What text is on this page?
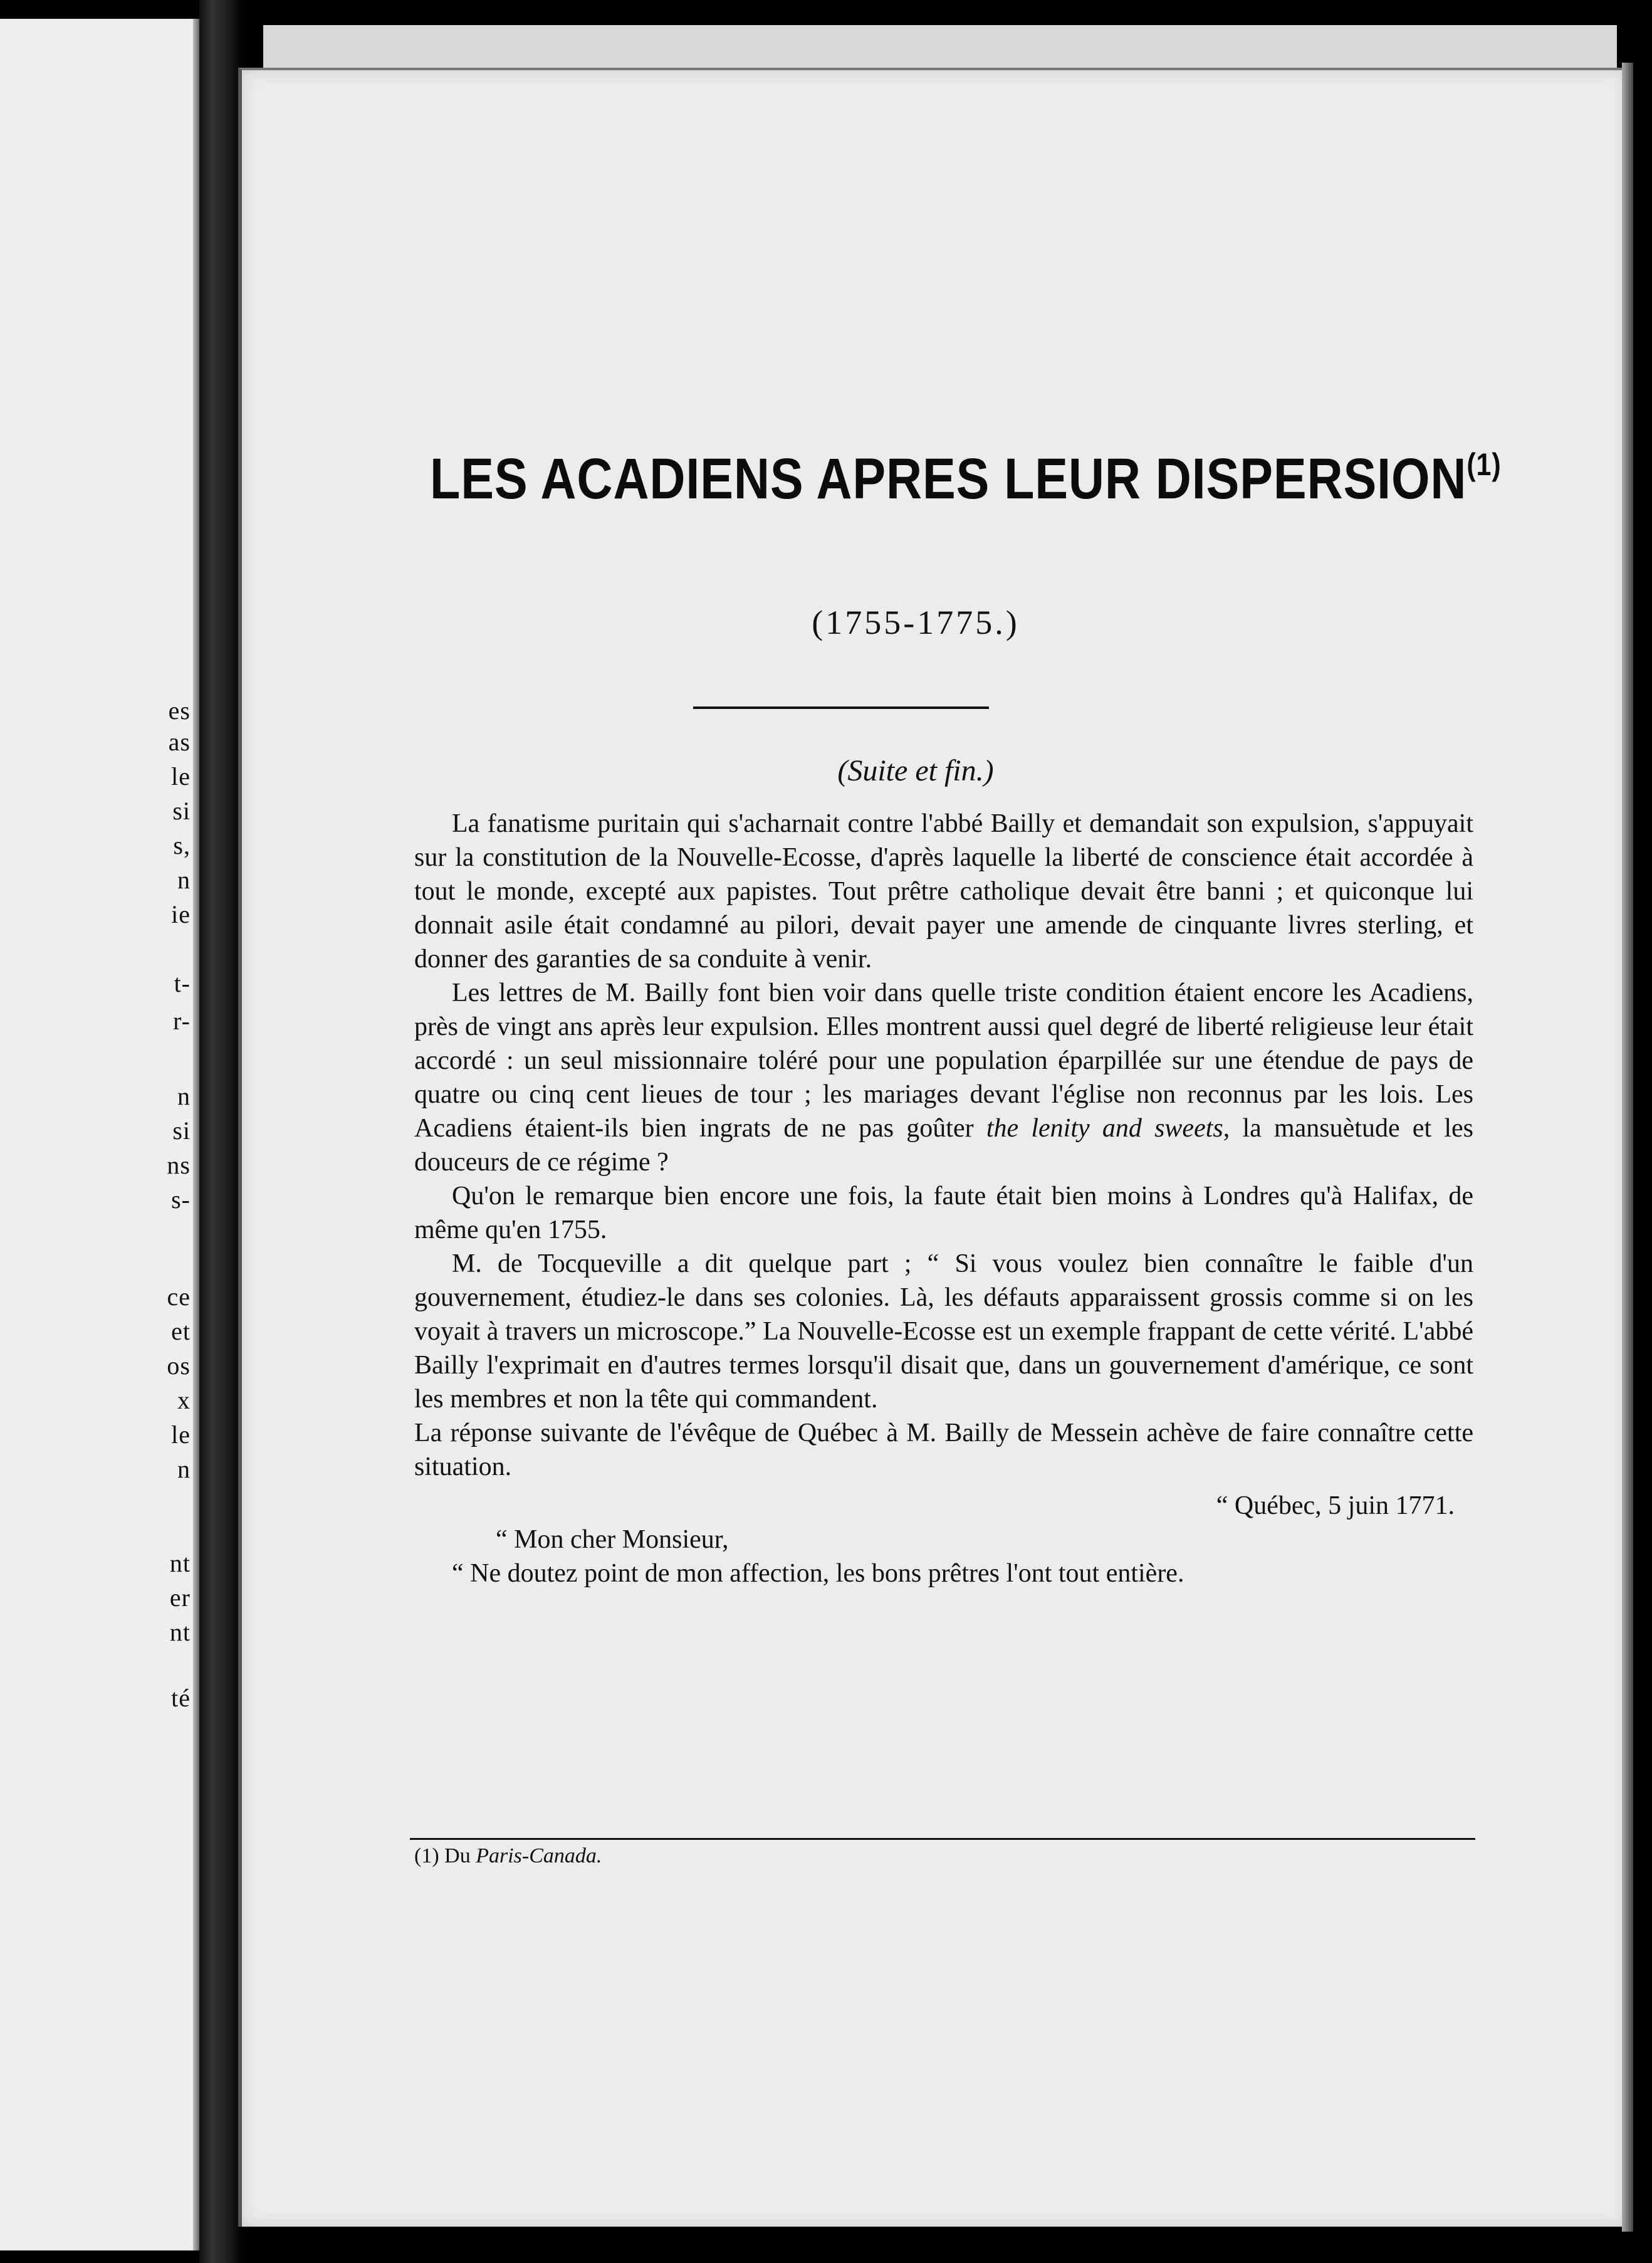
es
as
le
si
s,
n
ie
t-
r-
n
si
ns
s-
ce
et
os
x
le
n
nt
er
nt
té
LES ACADIENS APRES LEUR DISPERSION$^{(1)}$
(1755-1775.)
(Suite et fin.)

La fanatisme puritain qui s'acharnait contre l'abbé Bailly et demandait son expulsion, s'appuyait sur la constitution de la Nouvelle-Ecosse, d'après laquelle la liberté de conscience était accordée à tout le monde, excepté aux papistes. Tout prêtre catholique devait être banni ; et quiconque lui donnait asile était condamné au pilori, devait payer une amende de cinquante livres sterling, et donner des garanties de sa conduite à venir.

Les lettres de M. Bailly font bien voir dans quelle triste condition étaient encore les Acadiens, près de vingt ans après leur expulsion. Elles montrent aussi quel degré de liberté religieuse leur était accordé : un seul missionnaire toléré pour une population éparpillée sur une étendue de pays de quatre ou cinq cent lieues de tour ; les mariages devant l'église non reconnus par les lois. Les Acadiens étaient-ils bien ingrats de ne pas goûter the lenity and sweets, la mansuètude et les douceurs de ce régime ?

Qu'on le remarque bien encore une fois, la faute était bien moins à Londres qu'à Halifax, de même qu'en 1755.

M. de Tocqueville a dit quelque part ; “ Si vous voulez bien connaître le faible d'un gouvernement, étudiez-le dans ses colonies. Là, les défauts apparaissent grossis comme si on les voyait à travers un microscope.” La Nouvelle-Ecosse est un exemple frappant de cette vérité. L'abbé Bailly l'exprimait en d'autres termes lorsqu'il disait que, dans un gouvernement d'amérique, ce sont les membres et non la tête qui commandent.

La réponse suivante de l'évêque de Québec à M. Bailly de Messein achève de faire connaître cette situation.

“ Québec, 5 juin 1771.

“ Mon cher Monsieur,

“ Ne doutez point de mon affection, les bons prêtres l'ont tout entière.

(1) Du Paris-Canada.
